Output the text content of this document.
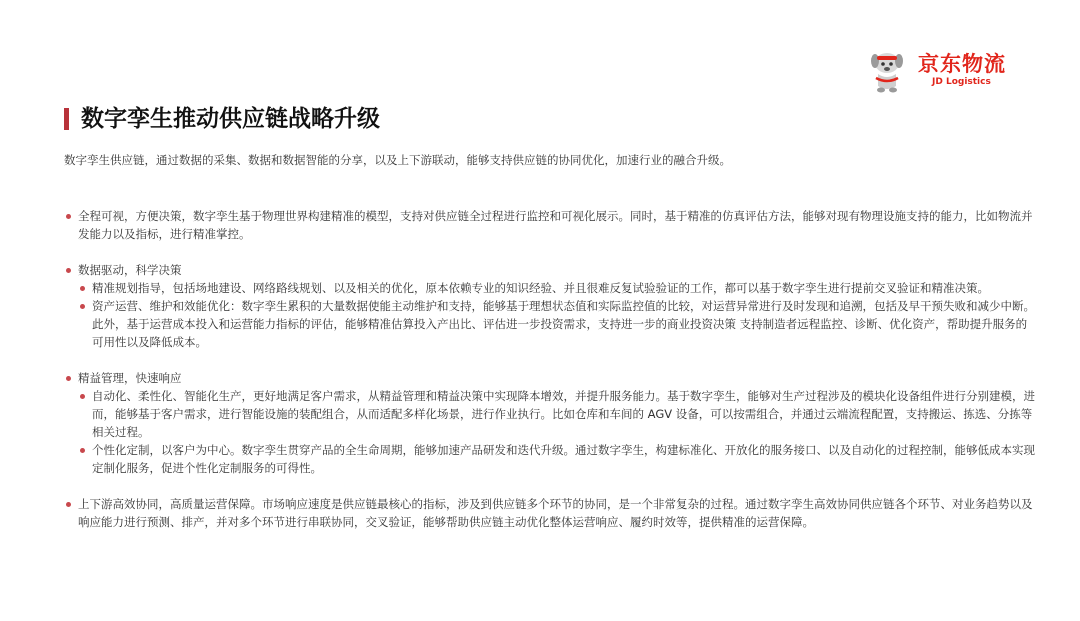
京东物流
JD Logistics
数字孪生推动供应链战略升级
数字孪生供应链，通过数据的采集、数据和数据智能的分享，以及上下游联动，能够支持供应链的协同优化，加速行业的融合升级。
全程可视，方便决策，数字孪生基于物理世界构建精准的模型，支持对供应链全过程进行监控和可视化展示。同时，基于精准的仿真评估方法，能够对现有物理设施支持的能力，比如物流并发能力以及指标，进行精准掌控。
数据驱动，科学决策
精准规划指导，包括场地建设、网络路线规划、以及相关的优化，原本依赖专业的知识经验、并且很难反复试验验证的工作，都可以基于数字孪生进行提前交叉验证和精准决策。
资产运营、维护和效能优化：数字孪生累积的大量数据使能主动维护和支持，能够基于理想状态值和实际监控值的比较，对运营异常进行及时发现和追溯，包括及早干预失败和减少中断。此外，基于运营成本投入和运营能力指标的评估，能够精准估算投入产出比、评估进一步投资需求，支持进一步的商业投资决策 支持制造者远程监控、诊断、优化资产，帮助提升服务的可用性以及降低成本。
精益管理，快速响应
自动化、柔性化、智能化生产，更好地满足客户需求，从精益管理和精益决策中实现降本增效，并提升服务能力。基于数字孪生，能够对生产过程涉及的模块化设备组件进行分别建模，进而，能够基于客户需求，进行智能设施的装配组合，从而适配多样化场景，进行作业执行。比如仓库和车间的 AGV 设备，可以按需组合，并通过云端流程配置，支持搬运、拣选、分拣等相关过程。
个性化定制，以客户为中心。数字孪生贯穿产品的全生命周期，能够加速产品研发和迭代升级。通过数字孪生，构建标准化、开放化的服务接口、以及自动化的过程控制，能够低成本实现定制化服务，促进个性化定制服务的可得性。
上下游高效协同，高质量运营保障。市场响应速度是供应链最核心的指标，涉及到供应链多个环节的协同，是一个非常复杂的过程。通过数字孪生高效协同供应链各个环节、对业务趋势以及响应能力进行预测、排产，并对多个环节进行串联协同，交叉验证，能够帮助供应链主动优化整体运营响应、履约时效等，提供精准的运营保障。
